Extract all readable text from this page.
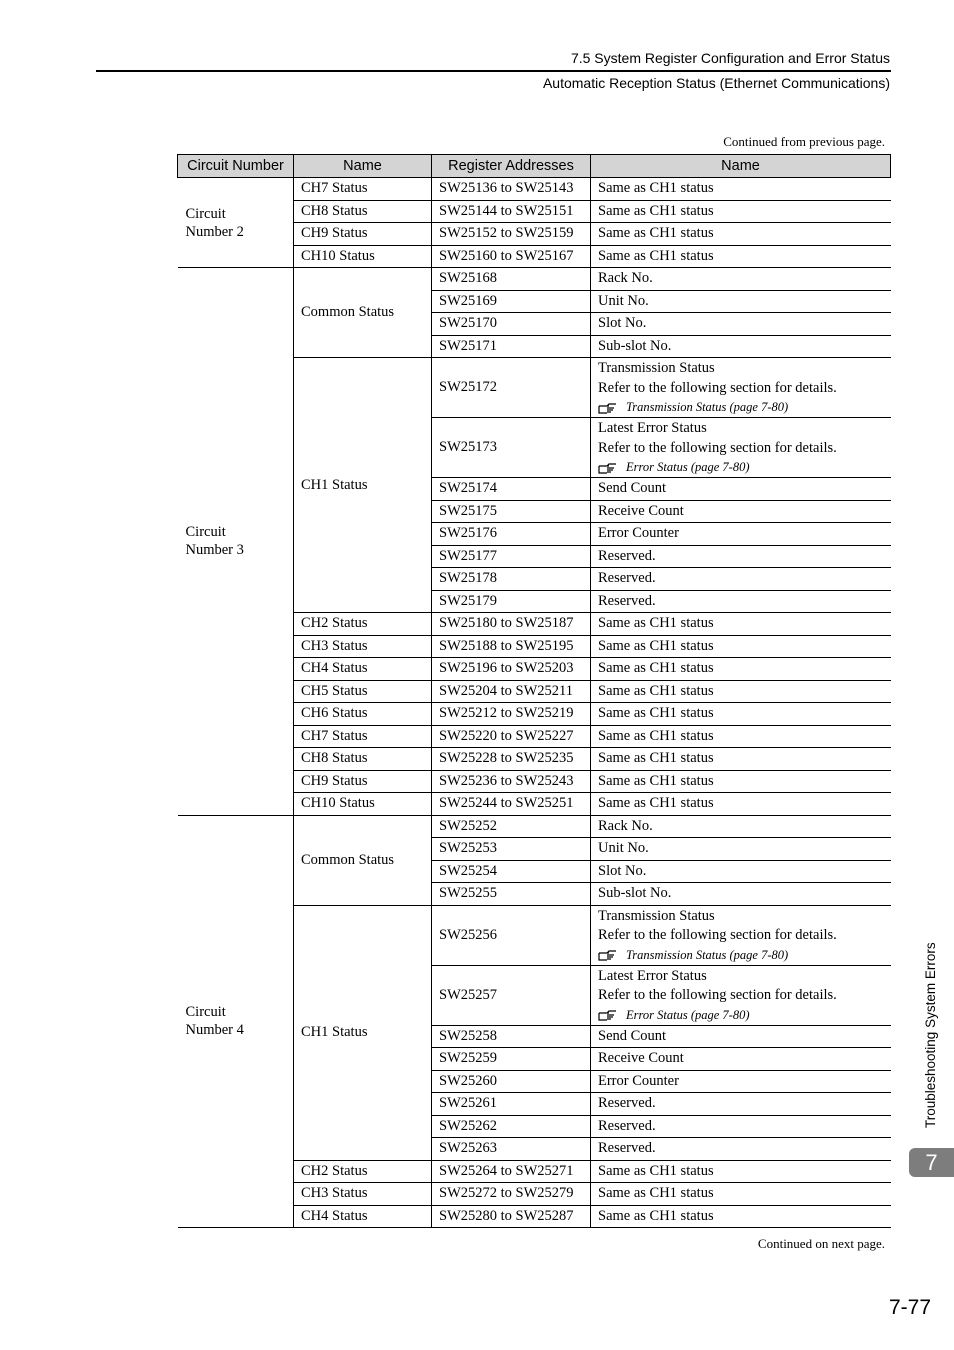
7.5 System Register Configuration and Error Status
Automatic Reception Status (Ethernet Communications)
Continued from previous page.
Circuit Number	Name	Register Addresses	Name
Circuit Number 2	CH7 Status	SW25136 to SW25143	Same as CH1 status
	CH8 Status	SW25144 to SW25151	Same as CH1 status
	CH9 Status	SW25152 to SW25159	Same as CH1 status
	CH10 Status	SW25160 to SW25167	Same as CH1 status
Circuit Number 3	Common Status	SW25168	Rack No.
		SW25169	Unit No.
		SW25170	Slot No.
		SW25171	Sub-slot No.
	CH1 Status	SW25172	Transmission Status
Refer to the following section for details.
Transmission Status (page 7-80)

		SW25173	Latest Error Status
Refer to the following section for details.
Error Status (page 7-80)

		SW25174	Send Count
		SW25175	Receive Count
		SW25176	Error Counter
		SW25177	Reserved.
		SW25178	Reserved.
		SW25179	Reserved.
	CH2 Status	SW25180 to SW25187	Same as CH1 status
	CH3 Status	SW25188 to SW25195	Same as CH1 status
	CH4 Status	SW25196 to SW25203	Same as CH1 status
	CH5 Status	SW25204 to SW25211	Same as CH1 status
	CH6 Status	SW25212 to SW25219	Same as CH1 status
	CH7 Status	SW25220 to SW25227	Same as CH1 status
	CH8 Status	SW25228 to SW25235	Same as CH1 status
	CH9 Status	SW25236 to SW25243	Same as CH1 status
	CH10 Status	SW25244 to SW25251	Same as CH1 status
Circuit Number 4	Common Status	SW25252	Rack No.
		SW25253	Unit No.
		SW25254	Slot No.
		SW25255	Sub-slot No.
	CH1 Status	SW25256	Transmission Status
Refer to the following section for details.
Transmission Status (page 7-80)

		SW25257	Latest Error Status
Refer to the following section for details.
Error Status (page 7-80)

		SW25258	Send Count
		SW25259	Receive Count
		SW25260	Error Counter
		SW25261	Reserved.
		SW25262	Reserved.
		SW25263	Reserved.
	CH2 Status	SW25264 to SW25271	Same as CH1 status
	CH3 Status	SW25272 to SW25279	Same as CH1 status
	CH4 Status	SW25280 to SW25287	Same as CH1 status
Continued on next page.
Troubleshooting System Errors
7
7-77
